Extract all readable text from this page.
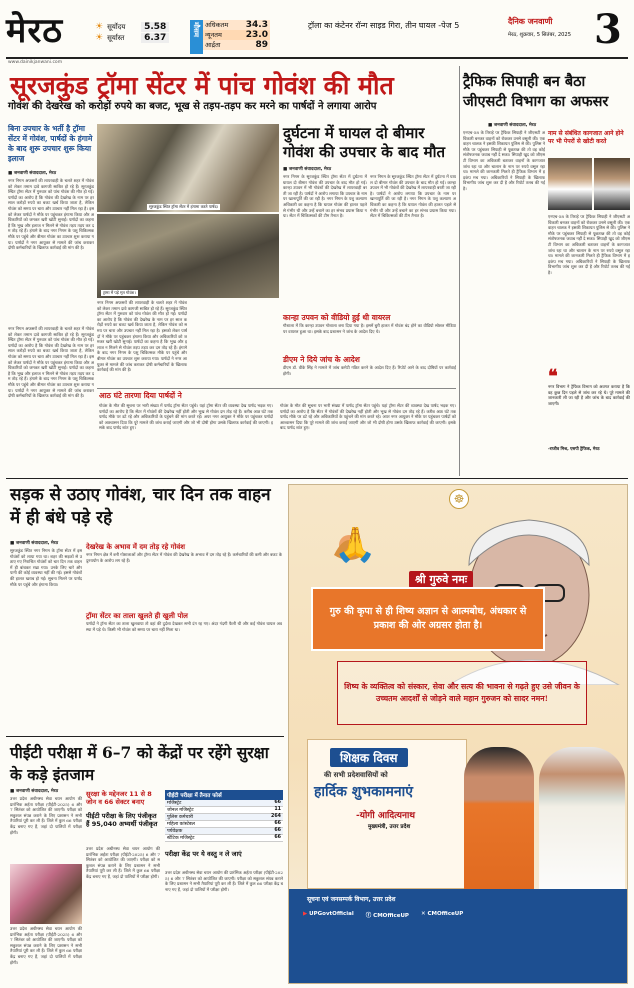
मेरठ	☀ सूर्योदय	5.58
☀ सूर्यास्त	6.37
मौसम अधिकतम 34.3
न्यूनतम	23.0
आर्द्रता	89
ट्रॉला का कंटेनर रॉन्ग साइड गिरा, तीन घायल -पेज 5	दैनिक जनवाणी
मेरठ, शुक्रवार, 5 सितंबर, 2025 3
www.dainikjanwani.com
सूरजकुंड ट्रॉमा सेंटर में पांच गोवंश की मौत
गोवंश की देखरेख को करोड़ों रुपये का बजट, भूख से तड़प-तड़प कर मरने का पार्षदों ने लगाया आरोप
बिना उपचार के भर्ती है ट्रॉमा सेंटर में गोवंश, पार्षदों के हंगामे के बाद शुरू उपचार शुरू किया इलाज
■ जनवाणी संवाददाता, मेरठ
नगर निगम अफसरों की लापरवाही के चलते शहर में गोवंश को लेकर तमाम दावे कागजी साबित हो रहे हैं। सूरजकुंड स्थित ट्रॉमा सेंटर में गुरुवार को पांच गोवंश की मौत हो गई। पार्षदों का आरोप है कि गोवंश की देखरेख के नाम पर हर साल करोड़ों रुपये का बजट खर्च किया जाता है, लेकिन गोवंश को समय पर चारा और उपचार नहीं मिल रहा है। इसको लेकर पार्षदों ने मौके पर पहुंचकर हंगामा किया और अधिकारियों को जमकर खरी खोटी सुनाई। पार्षदों का कहना है कि भूख और इलाज न मिलने से गोवंश तड़प तड़प कर दम तोड़ रहे हैं। हंगामे के बाद नगर निगम के पशु चिकित्सक मौके पर पहुंचे और बीमार गोवंश का उपचार शुरू कराया गया। पार्षदों ने नगर आयुक्त से मामले की जांच कराकर दोषी कर्मचारियों के खिलाफ कार्रवाई की मांग की है।
नगर निगम अफसरों की लापरवाही के चलते शहर में गोवंश को लेकर तमाम दावे कागजी साबित हो रहे हैं। सूरजकुंड स्थित ट्रॉमा सेंटर में गुरुवार को पांच गोवंश की मौत हो गई। पार्षदों का आरोप है कि गोवंश की देखरेख के नाम पर हर साल करोड़ों रुपये का बजट खर्च किया जाता है, लेकिन गोवंश को समय पर चारा और उपचार नहीं मिल रहा है। इसको लेकर पार्षदों ने मौके पर पहुंचकर हंगामा किया और अधिकारियों को जमकर खरी खोटी सुनाई। पार्षदों का कहना है कि भूख और इलाज न मिलने से गोवंश तड़प तड़प कर दम तोड़ रहे हैं। हंगामे के बाद नगर निगम के पशु चिकित्सक मौके पर पहुंचे और बीमार गोवंश का उपचार शुरू कराया गया। पार्षदों ने नगर आयुक्त से मामले की जांच कराकर दोषी कर्मचारियों के खिलाफ कार्रवाई की मांग की है।
सूरजकुंड स्थित ट्रॉमा सेंटर में हंगामा करते पार्षद।
ट्रामा में पड़े मृत गोवंश।
नगर निगम अफसरों की लापरवाही के चलते शहर में गोवंश को लेकर तमाम दावे कागजी साबित हो रहे हैं। सूरजकुंड स्थित ट्रॉमा सेंटर में गुरुवार को पांच गोवंश की मौत हो गई। पार्षदों का आरोप है कि गोवंश की देखरेख के नाम पर हर साल करोड़ों रुपये का बजट खर्च किया जाता है, लेकिन गोवंश को समय पर चारा और उपचार नहीं मिल रहा है। इसको लेकर पार्षदों ने मौके पर पहुंचकर हंगामा किया और अधिकारियों को जमकर खरी खोटी सुनाई। पार्षदों का कहना है कि भूख और इलाज न मिलने से गोवंश तड़प तड़प कर दम तोड़ रहे हैं। हंगामे के बाद नगर निगम के पशु चिकित्सक मौके पर पहुंचे और बीमार गोवंश का उपचार शुरू कराया गया। पार्षदों ने नगर आयुक्त से मामले की जांच कराकर दोषी कर्मचारियों के खिलाफ कार्रवाई की मांग की है।
दुर्घटना में घायल दो बीमार गोवंश की उपचार के बाद मौत
■ जनवाणी संवाददाता, मेरठ
नगर निगम के सूरजकुंड स्थित ट्रॉमा सेंटर में दुर्घटना में घायल दो बीमार गोवंश की उपचार के बाद मौत हो गई। कान्हा उपवन में भी गोवंशों की देखरेख में लापरवाही बरती जा रही है। पार्षदों ने आरोप लगाया कि उपचार के नाम पर खानापूर्ति की जा रही है। नगर निगम के पशु कल्याण अधिकारी का कहना है कि घायल गोवंश की हालत पहले से गंभीर थी और उन्हें बचाने का हर संभव प्रयास किया गया। सेंटर में चिकित्सकों की टीम तैनात है।
नगर निगम के सूरजकुंड स्थित ट्रॉमा सेंटर में दुर्घटना में घायल दो बीमार गोवंश की उपचार के बाद मौत हो गई। कान्हा उपवन में भी गोवंशों की देखरेख में लापरवाही बरती जा रही है। पार्षदों ने आरोप लगाया कि उपचार के नाम पर खानापूर्ति की जा रही है। नगर निगम के पशु कल्याण अधिकारी का कहना है कि घायल गोवंश की हालत पहले से गंभीर थी और उन्हें बचाने का हर संभव प्रयास किया गया। सेंटर में चिकित्सकों की टीम तैनात है।
कान्हा उपवन को वीडियो हुई थी वायरल
गौशाला में कि कान्हा उपवन गोशाला बना दिया गया है। इसमें बुरी हालत में गोवंश बंद होने का वीडियो सोशल मीडिया पर वायरल हुआ था। इसके बाद प्रशासन ने जांच के आदेश दिए थे।
डीएम ने दिये जांच के आदेश
डीएम डॉ. वीके सिंह ने मामले में जांच कमेटी गठित करने के आदेश दिए हैं। रिपोर्ट आने के बाद दोषियों पर कार्रवाई होगी।
आठ घंटे तारणा दिया पार्षदों ने
गोवंश के मौत की सूचना पर भारी संख्या में पार्षद ट्रॉमा सेंटर पहुंचे। यहां ट्रॉमा सेंटर की व्यवस्था देख पार्षद भड़क गए। पार्षदों का आरोप है कि सेंटर में गोवंशों की देखरेख नहीं होती और भूख से गोवंश दम तोड़ रहे हैं। करीब आठ घंटे तक पार्षद मौके पर डटे रहे और अधिकारियों के पहुंचने की मांग करते रहे। अपर नगर आयुक्त ने मौके पर पहुंचकर पार्षदों को आश्वासन दिया कि पूरे मामले की जांच कराई जाएगी और जो भी दोषी होगा उसके खिलाफ कार्रवाई की जाएगी। इसके बाद पार्षद शांत हुए।
गोवंश के मौत की सूचना पर भारी संख्या में पार्षद ट्रॉमा सेंटर पहुंचे। यहां ट्रॉमा सेंटर की व्यवस्था देख पार्षद भड़क गए। पार्षदों का आरोप है कि सेंटर में गोवंशों की देखरेख नहीं होती और भूख से गोवंश दम तोड़ रहे हैं। करीब आठ घंटे तक पार्षद मौके पर डटे रहे और अधिकारियों के पहुंचने की मांग करते रहे। अपर नगर आयुक्त ने मौके पर पहुंचकर पार्षदों को आश्वासन दिया कि पूरे मामले की जांच कराई जाएगी और जो भी दोषी होगा उसके खिलाफ कार्रवाई की जाएगी। इसके बाद पार्षद शांत हुए।
ट्रैफिक सिपाही बन बैठा जीएसटी विभाग का अफसर
■ जनवाणी संवाददाता, मेरठ
एनएच-58 के तिराहे पर ट्रैफिक सिपाही ने जीएसटी अधिकारी बनकर वाहनों को रोककर उनसे वसूली की। एक वाहन चालक ने इसकी शिकायत पुलिस से की। पुलिस ने मौके पर पहुंचकर सिपाही से पूछताछ की तो वह कोई संतोषजनक जवाब नहीं दे सका। सिपाही खुद को जीएसटी विभाग का अधिकारी बताकर वाहनों के कागजात जांच रहा था और चालान के नाम पर रुपये वसूल रहा था। मामले की जानकारी मिलते ही ट्रैफिक विभाग में हड़कंप मच गया। अधिकारियों ने सिपाही के खिलाफ विभागीय जांच शुरू कर दी है और रिपोर्ट तलब की गई है।
नाम से संबंधित कागजात आने होने पर भी पेपरों से खोटी करते
एनएच-58 के तिराहे पर ट्रैफिक सिपाही ने जीएसटी अधिकारी बनकर वाहनों को रोककर उनसे वसूली की। एक वाहन चालक ने इसकी शिकायत पुलिस से की। पुलिस ने मौके पर पहुंचकर सिपाही से पूछताछ की तो वह कोई संतोषजनक जवाब नहीं दे सका। सिपाही खुद को जीएसटी विभाग का अधिकारी बताकर वाहनों के कागजात जांच रहा था और चालान के नाम पर रुपये वसूल रहा था। मामले की जानकारी मिलते ही ट्रैफिक विभाग में हड़कंप मच गया। अधिकारियों ने सिपाही के खिलाफ विभागीय जांच शुरू कर दी है और रिपोर्ट तलब की गई है।
❝
नगर विभाग ने ट्रैफिक विभाग को अवगत कराया है कि वह कुछ दिन पहले से जांच कर रहे थे। पूरे मामले की जानकारी ली जा रही है और जांच के बाद कार्रवाई की जाएगी।
-राजीव मिश्र, एसपी ट्रैफिक, मेरठ
सड़क से उठाए गोवंश, चार दिन तक वाहन में ही बंधे पड़े रहे
■ जनवाणी संवाददाता, मेरठ
सूरजकुंड स्थित नगर निगम के ट्रॉमा सेंटर में इस गोवंशों को लाया गया था। शहर की सड़कों से उठाए गए निराश्रित गोवंशों को चार दिन तक वाहन में ही बांधकर रखा गया। उनके लिए चारे और पानी की कोई व्यवस्था नहीं की गई। इससे गोवंशों की हालत खराब हो गई। सूचना मिलने पर पार्षद मौके पर पहुंचे और हंगामा किया।
देखरेख के अभाव में दम तोड़ रहे गोवंश
नगर निगम क्षेत्र में बनी गोशालाओं और ट्रॉमा सेंटर में गोवंश की देखरेख के अभाव में दम तोड़ रहे हैं। कर्मचारियों की कमी और बजट के दुरुपयोग के आरोप लग रहे हैं।
ट्रॉमा सेंटर का ताला खुलते ही खुली पोल
पार्षदों ने ट्रॉमा सेंटर का ताला खुलवाया तो वहां की दुर्दशा देखकर सभी दंग रह गए। अंदर गंदगी फैली थी और कई गोवंश घायल अवस्था में पड़े थे। किसी भी गोवंश को समय पर चारा नहीं मिला था।
पीईटी परीक्षा में 6–7 को केंद्रों पर रहेंगे सुरक्षा के कड़े इंतजाम
■ जनवाणी संवाददाता, मेरठ
उत्तर प्रदेश अधीनस्थ सेवा चयन आयोग की प्रारंभिक अर्हता परीक्षा (पीईटी-2025) 6 और 7 सितंबर को आयोजित की जाएगी। परीक्षा को सकुशल संपन्न कराने के लिए प्रशासन ने सभी तैयारियां पूरी कर ली हैं। जिले में कुल 66 परीक्षा केंद्र बनाए गए हैं, जहां दो पालियों में परीक्षा होगी।
उत्तर प्रदेश अधीनस्थ सेवा चयन आयोग की प्रारंभिक अर्हता परीक्षा (पीईटी-2025) 6 और 7 सितंबर को आयोजित की जाएगी। परीक्षा को सकुशल संपन्न कराने के लिए प्रशासन ने सभी तैयारियां पूरी कर ली हैं। जिले में कुल 66 परीक्षा केंद्र बनाए गए हैं, जहां दो पालियों में परीक्षा होगी।
सुरक्षा के मद्देनजर 11 से 8 जोन व 66 सेक्टर बनाए
पीईटी परीक्षा के लिए पंजीकृत हैं 95,040 अभ्यर्थी पंजीकृत
उत्तर प्रदेश अधीनस्थ सेवा चयन आयोग की प्रारंभिक अर्हता परीक्षा (पीईटी-2025) 6 और 7 सितंबर को आयोजित की जाएगी। परीक्षा को सकुशल संपन्न कराने के लिए प्रशासन ने सभी तैयारियां पूरी कर ली हैं। जिले में कुल 66 परीक्षा केंद्र बनाए गए हैं, जहां दो पालियों में परीक्षा होगी।
पीईटी परीक्षा में तैनात फोर्स
मजिस्ट्रेट	66
जोनल मजिस्ट्रेट	11
पुलिस कर्मचारी	264
महिला कांस्टेबल	66
पर्यवेक्षक	66
स्टैटिक मजिस्ट्रेट	66
परीक्षा केंद्र पर ये वस्तु न ले जाएं
उत्तर प्रदेश अधीनस्थ सेवा चयन आयोग की प्रारंभिक अर्हता परीक्षा (पीईटी-2025) 6 और 7 सितंबर को आयोजित की जाएगी। परीक्षा को सकुशल संपन्न कराने के लिए प्रशासन ने सभी तैयारियां पूरी कर ली हैं। जिले में कुल 66 परीक्षा केंद्र बनाए गए हैं, जहां दो पालियों में परीक्षा होगी।
☸
🙏
श्री गुरुवे नमः
गुरु की कृपा से ही शिष्य अज्ञान से आत्मबोध, अंधकार से प्रकाश की ओर अग्रसर होता है।
शिष्य के व्यक्तित्व को संस्कार, सेवा और सत्य की भावना से गढ़ते हुए उसे जीवन के उच्चतम आदर्शों से जोड़ने वाले महान गुरुजन को सादर नमन!
शिक्षक दिवस
की सभी प्रदेशवासियों को
हार्दिक शुभकामनाएं
-योगी आदित्यनाथ
मुख्यमंत्री, उत्तर प्रदेश
सूचना एवं जनसम्पर्क विभाग, उत्तर प्रदेश
▶ UPGovtOfficial ⓕ CMOfficeUP ✕ CMOfficeUP
